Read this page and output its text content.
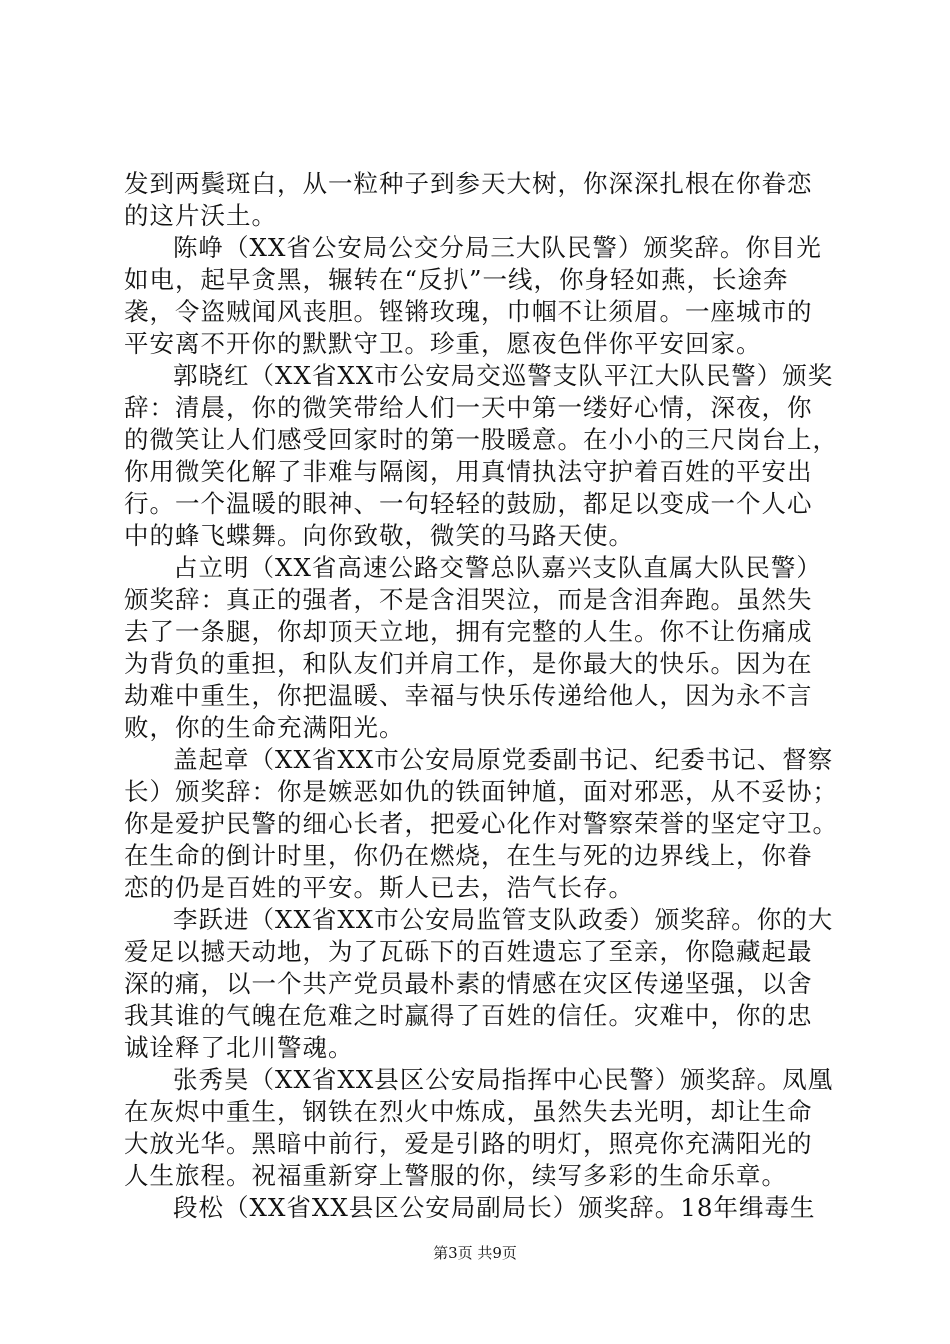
发到两鬓斑白，从一粒种子到参天大树，你深深扎根在你眷恋
的这片沃土。
陈峥（XX省公安局公交分局三大队民警）颁奖辞。你目光
如电，起早贪黑，辗转在“反扒”一线，你身轻如燕，长途奔
袭，令盗贼闻风丧胆。铿锵玫瑰，巾帼不让须眉。一座城市的
平安离不开你的默默守卫。珍重，愿夜色伴你平安回家。
郭晓红（XX省XX市公安局交巡警支队平江大队民警）颁奖
辞：清晨，你的微笑带给人们一天中第一缕好心情，深夜，你
的微笑让人们感受回家时的第一股暖意。在小小的三尺岗台上，
你用微笑化解了非难与隔阂，用真情执法守护着百姓的平安出
行。一个温暖的眼神、一句轻轻的鼓励，都足以变成一个人心
中的蜂飞蝶舞。向你致敬，微笑的马路天使。
占立明（XX省高速公路交警总队嘉兴支队直属大队民警）
颁奖辞：真正的强者，不是含泪哭泣，而是含泪奔跑。虽然失
去了一条腿，你却顶天立地，拥有完整的人生。你不让伤痛成
为背负的重担，和队友们并肩工作，是你最大的快乐。因为在
劫难中重生，你把温暖、幸福与快乐传递给他人，因为永不言
败，你的生命充满阳光。
盖起章（XX省XX市公安局原党委副书记、纪委书记、督察
长）颁奖辞：你是嫉恶如仇的铁面钟馗，面对邪恶，从不妥协；
你是爱护民警的细心长者，把爱心化作对警察荣誉的坚定守卫。
在生命的倒计时里，你仍在燃烧，在生与死的边界线上，你眷
恋的仍是百姓的平安。斯人已去，浩气长存。
李跃进（XX省XX市公安局监管支队政委）颁奖辞。你的大
爱足以撼天动地，为了瓦砾下的百姓遗忘了至亲，你隐藏起最
深的痛，以一个共产党员最朴素的情感在灾区传递坚强，以舍
我其谁的气魄在危难之时赢得了百姓的信任。灾难中，你的忠
诚诠释了北川警魂。
张秀昊（XX省XX县区公安局指挥中心民警）颁奖辞。凤凰
在灰烬中重生，钢铁在烈火中炼成，虽然失去光明，却让生命
大放光华。黑暗中前行，爱是引路的明灯，照亮你充满阳光的
人生旅程。祝福重新穿上警服的你，续写多彩的生命乐章。
段松（XX省XX县区公安局副局长）颁奖辞。18年缉毒生
第3页 共9页
